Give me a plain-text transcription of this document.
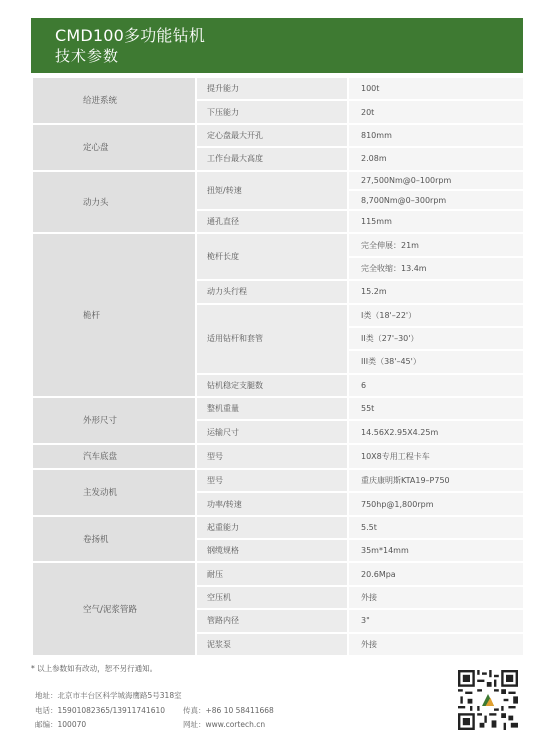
CMD100多功能钻机
技术参数
给进系统	提升能力	100t
	下压能力	20t
定心盘	定心盘最大开孔	810mm
	工作台最大高度	2.08m
动力头	扭矩/转速	27,500Nm@0–100rpm
		8,700Nm@0–300rpm
	通孔直径	115mm
桅杆	桅杆长度	完全伸展：21m
		完全收缩：13.4m
	动力头行程	15.2m
	适用钻杆和套管	I类（18'–22'）
		II类（27'–30'）
		III类（38'–45'）
	钻机稳定支腿数	6
外形尺寸	整机重量	55t
	运输尺寸	14.56X2.95X4.25m
汽车底盘	型号	10X8专用工程卡车
主发动机	型号	重庆康明斯KTA19–P750
	功率/转速	750hp@1,800rpm
卷扬机	起重能力	5.5t
	钢缆规格	35m*14mm
空气/泥浆管路	耐压	20.6Mpa
	空压机	外接
	管路内径	3"
	泥浆泵	外接
* 以上参数如有改动，恕不另行通知。
地址：北京市丰台区科学城海鹰路5号318室
电话：15901082365/13911741610 传真：+86 10 58411668
邮编：100070	网址：www.cortech.cn
